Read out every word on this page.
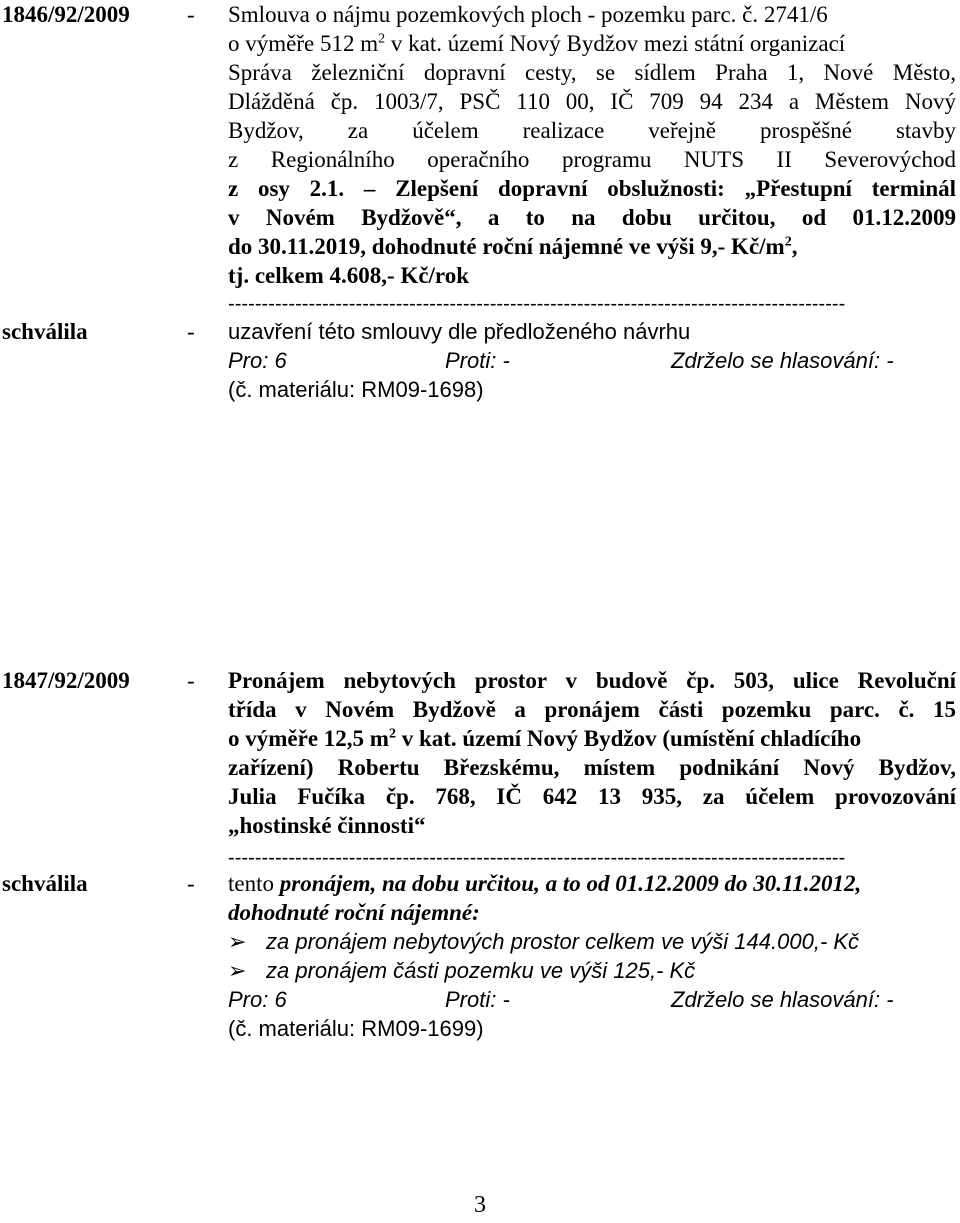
1846/92/2009 - Smlouva o nájmu pozemkových ploch - pozemku parc. č. 2741/6
o výměře 512 $m^2$ v kat. území Nový Bydžov mezi státní organizací
Správa železniční dopravní cesty, se sídlem Praha 1, Nové Město,
Dlážděná čp. 1003/7, PSČ 110 00, IČ 709 94 234 a Městem Nový
Bydžov, za účelem realizace veřejně prospěšné stavby
z Regionálního operačního programu NUTS II Severovýchod
z osy 2.1. – Zlepšení dopravní obslužnosti: „Přestupní terminál
v Novém Bydžově“, a to na dobu určitou, od 01.12.2009
do 30.11.2019, dohodnuté roční nájemné ve výši 9,- $Kč/m^2$,
tj. celkem 4.608,- Kč/rok
--------------------------------------------------------------------------------------------
schválila	- uzavření této smlouvy dle předloženého návrhu
Pro: 6	Proti: -	Zdrželo se hlasování: -
(č. materiálu: RM09-1698)
1847/92/2009 - Pronájem nebytových prostor v budově čp. 503, ulice Revoluční
třída v Novém Bydžově a pronájem části pozemku parc. č. 15
o výměře 12,5 $m^2$ v kat. území Nový Bydžov (umístění chladícího
zařízení) Robertu Březskému, místem podnikání Nový Bydžov,
Julia Fučíka čp. 768, IČ 642 13 935, za účelem provozování
„hostinské činnosti“
--------------------------------------------------------------------------------------------
schválila	- tento pronájem, na dobu určitou, a to od 01.12.2009 do 30.11.2012,
dohodnuté roční nájemné:
➢ za pronájem nebytových prostor celkem ve výši 144.000,- Kč
➢ za pronájem části pozemku ve výši 125,- Kč
Pro: 6	Proti: -	Zdrželo se hlasování: -
(č. materiálu: RM09-1699)
3
